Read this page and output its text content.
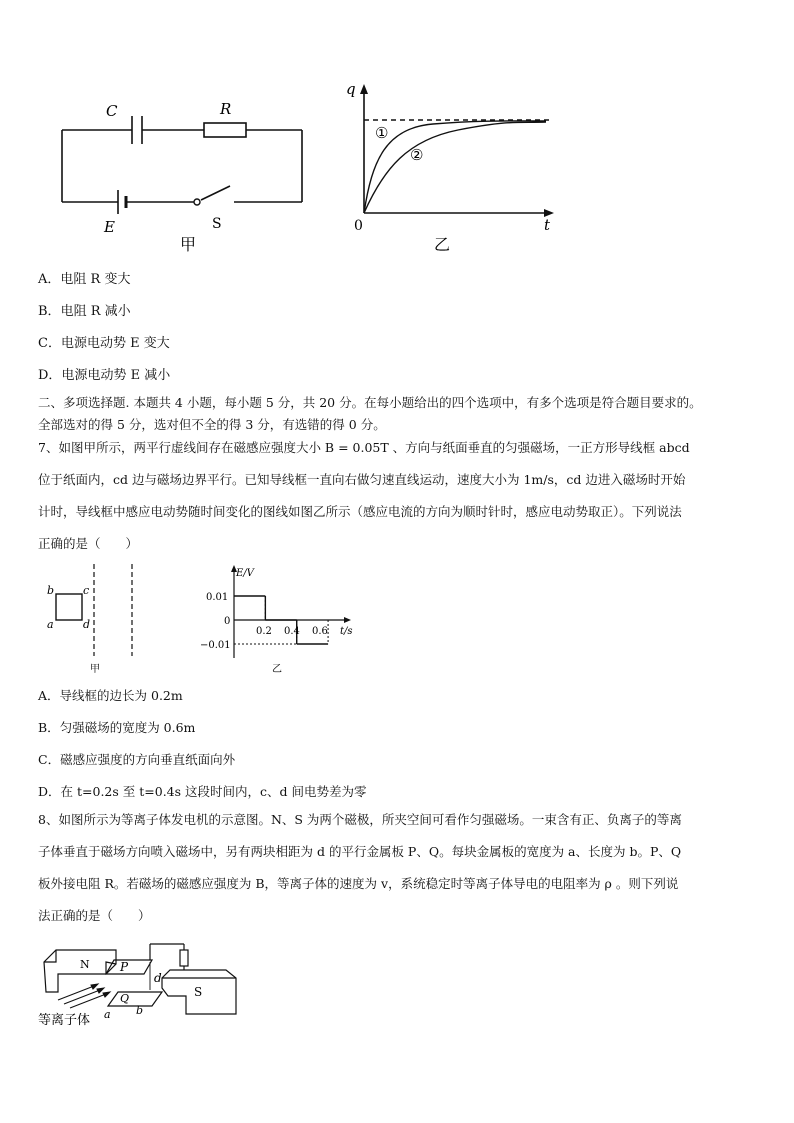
C	R
E	S
甲
q
t
0
①
②
乙

A．电阻 R 变大

B．电阻 R 减小

C．电源电动势 E 变大

D．电源电动势 E 减小

二、多项选择题. 本题共 4 小题，每小题 5 分，共 20 分。在每小题给出的四个选项中，有多个选项是符合题目要求的。

全部选对的得 5 分，选对但不全的得 3 分，有选错的得 0 分。

7、如图甲所示，两平行虚线间存在磁感应强度大小 B = 0.05T 、方向与纸面垂直的匀强磁场，一正方形导线框 abcd

位于纸面内，cd 边与磁场边界平行。已知导线框一直向右做匀速直线运动，速度大小为 1m/s，cd 边进入磁场时开始

计时，导线框中感应电动势随时间变化的图线如图乙所示（感应电流的方向为顺时针时，感应电动势取正）。下列说法

正确的是（　　）

b	c
a	d
甲
E/V
t/s
0
0.01
−0.01
0.2 0.4 0.6
乙

A．导线框的边长为 0.2m

B．匀强磁场的宽度为 0.6m

C．磁感应强度的方向垂直纸面向外

D．在 t=0.2s 至 t=0.4s 这段时间内，c、d 间电势差为零

8、如图所示为等离子体发电机的示意图。N、S 为两个磁极，所夹空间可看作匀强磁场。一束含有正、负离子的等离

子体垂直于磁场方向喷入磁场中，另有两块相距为 d 的平行金属板 P、Q。每块金属板的宽度为 a、长度为 b。P、Q

板外接电阻 R。若磁场的磁感应强度为 B，等离子体的速度为 v，系统稳定时等离子体导电的电阻率为 ρ 。则下列说

法正确的是（　　）

N	P
d
S
Q
a b
等离子体
